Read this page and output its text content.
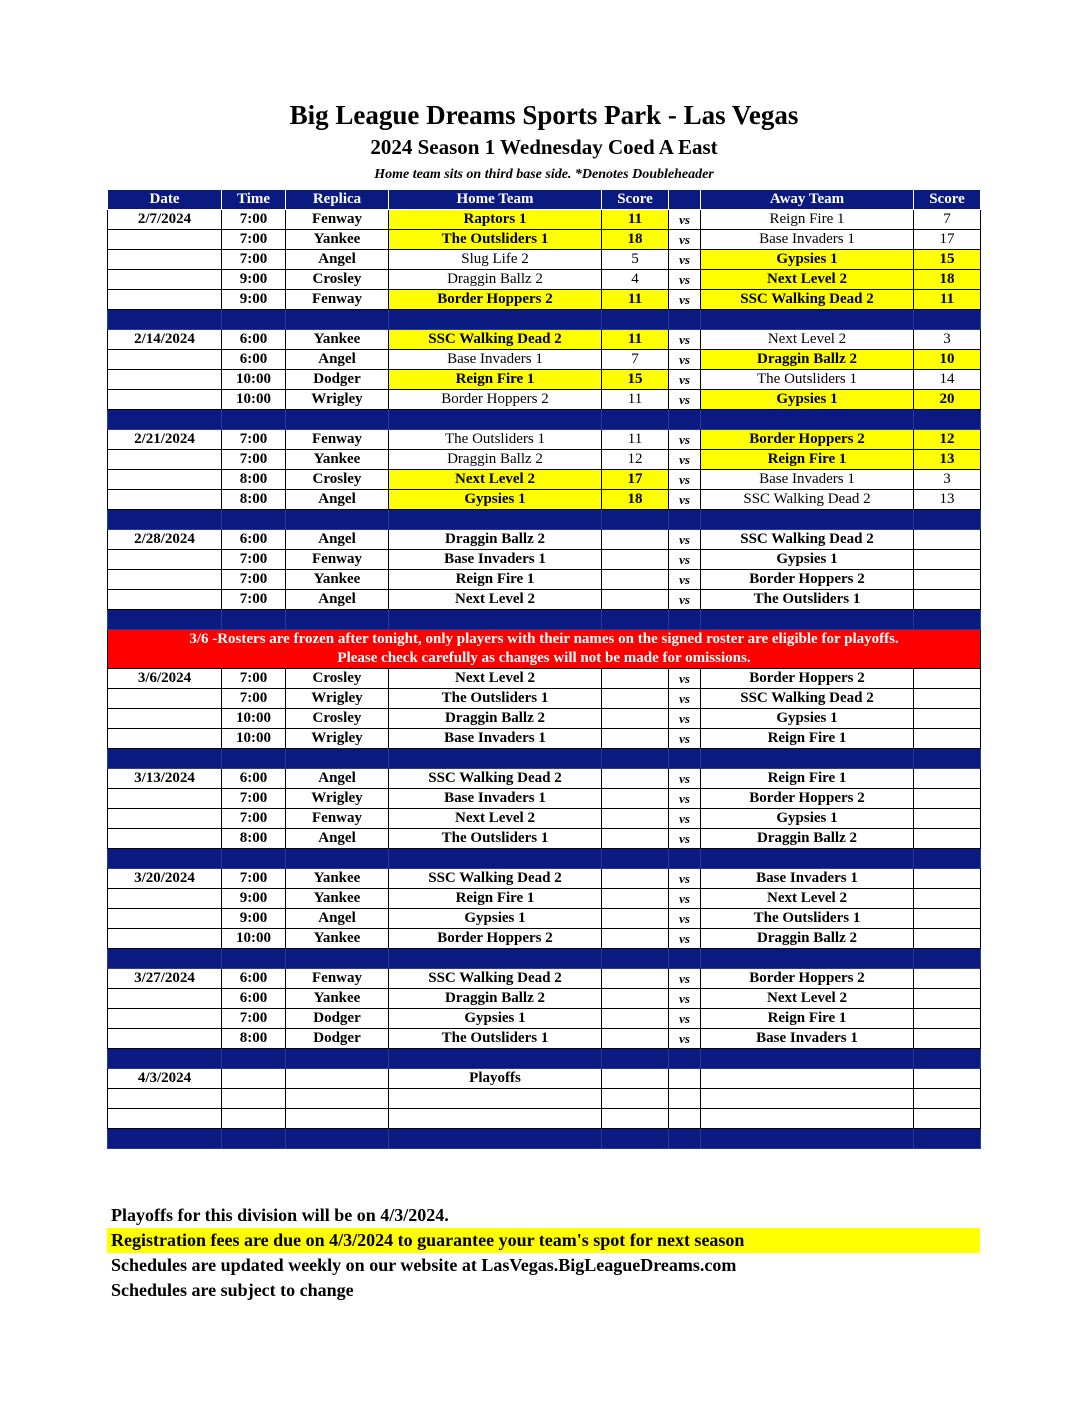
Big League Dreams Sports Park - Las Vegas
2024 Season 1 Wednesday Coed A East
Home team sits on third base side. *Denotes Doubleheader
Date	Time	Replica	Home Team	Score		Away Team	Score
2/7/2024	7:00	Fenway	Raptors 1	11	vs	Reign Fire 1	7
	7:00	Yankee	The Outsliders 1	18	vs	Base Invaders 1	17
	7:00	Angel	Slug Life 2	5	vs	Gypsies 1	15
	9:00	Crosley	Draggin Ballz 2	4	vs	Next Level 2	18
	9:00	Fenway	Border Hoppers 2	11	vs	SSC Walking Dead 2	11

2/14/2024	6:00	Yankee	SSC Walking Dead 2	11	vs	Next Level 2	3
	6:00	Angel	Base Invaders 1	7	vs	Draggin Ballz 2	10
	10:00	Dodger	Reign Fire 1	15	vs	The Outsliders 1	14
	10:00	Wrigley	Border Hoppers 2	11	vs	Gypsies 1	20

2/21/2024	7:00	Fenway	The Outsliders 1	11	vs	Border Hoppers 2	12
	7:00	Yankee	Draggin Ballz 2	12	vs	Reign Fire 1	13
	8:00	Crosley	Next Level 2	17	vs	Base Invaders 1	3
	8:00	Angel	Gypsies 1	18	vs	SSC Walking Dead 2	13

2/28/2024	6:00	Angel	Draggin Ballz 2		vs	SSC Walking Dead 2	
	7:00	Fenway	Base Invaders 1		vs	Gypsies 1	
	7:00	Yankee	Reign Fire 1		vs	Border Hoppers 2	
	7:00	Angel	Next Level 2		vs	The Outsliders 1	

3/6 -Rosters are frozen after tonight, only players with their names on the signed roster are eligible for playoffs.
Please check carefully as changes will not be made for omissions.							

3/6/2024	7:00	Crosley	Next Level 2		vs	Border Hoppers 2	
	7:00	Wrigley	The Outsliders 1		vs	SSC Walking Dead 2	
	10:00	Crosley	Draggin Ballz 2		vs	Gypsies 1	
	10:00	Wrigley	Base Invaders 1		vs	Reign Fire 1	

3/13/2024	6:00	Angel	SSC Walking Dead 2		vs	Reign Fire 1	
	7:00	Wrigley	Base Invaders 1		vs	Border Hoppers 2	
	7:00	Fenway	Next Level 2		vs	Gypsies 1	
	8:00	Angel	The Outsliders 1		vs	Draggin Ballz 2	

3/20/2024	7:00	Yankee	SSC Walking Dead 2		vs	Base Invaders 1	
	9:00	Yankee	Reign Fire 1		vs	Next Level 2	
	9:00	Angel	Gypsies 1		vs	The Outsliders 1	
	10:00	Yankee	Border Hoppers 2		vs	Draggin Ballz 2	

3/27/2024	6:00	Fenway	SSC Walking Dead 2		vs	Border Hoppers 2	
	6:00	Yankee	Draggin Ballz 2		vs	Next Level 2	
	7:00	Dodger	Gypsies 1		vs	Reign Fire 1	
	8:00	Dodger	The Outsliders 1		vs	Base Invaders 1	

4/3/2024			Playoffs				

Playoffs for this division will be on 4/3/2024.
Registration fees are due on 4/3/2024 to guarantee your team's spot for next season
Schedules are updated weekly on our website at LasVegas.BigLeagueDreams.com
Schedules are subject to change
